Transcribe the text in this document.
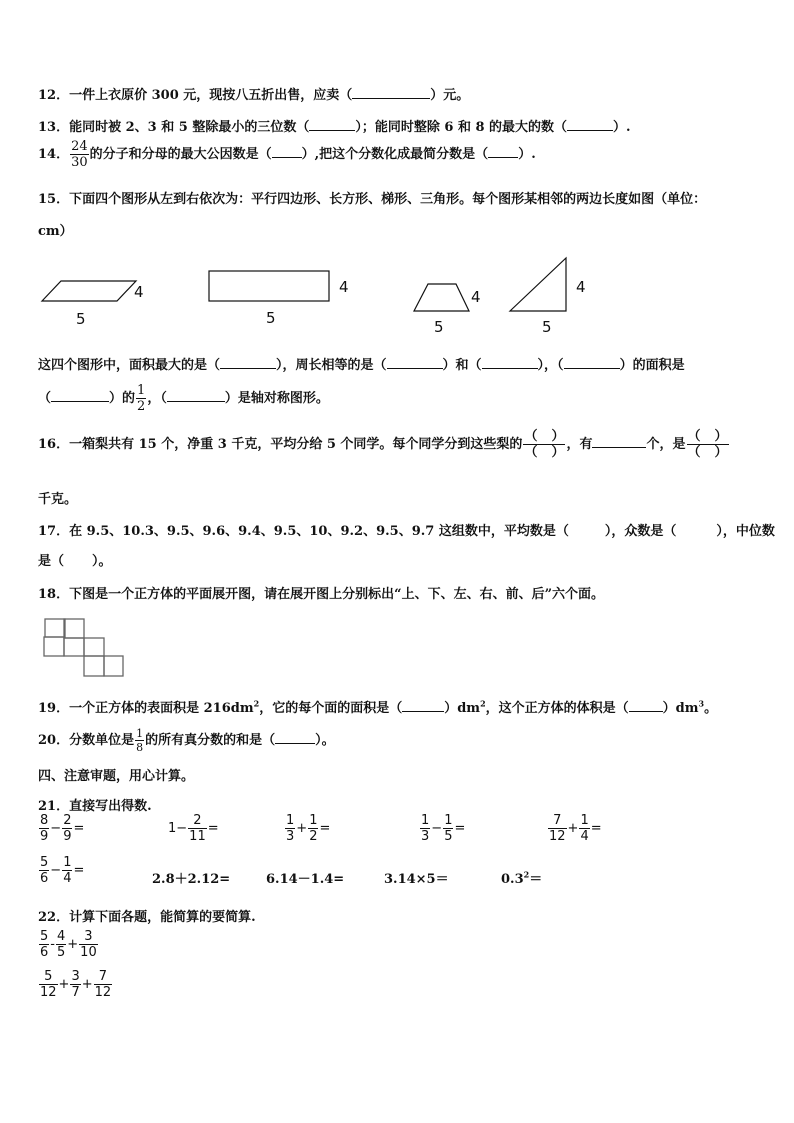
12．一件上衣原价 300 元，现按八五折出售，应卖（	）元。
13．能同时被 2、3 和 5 整除最小的三位数（	）；能同时整除 6 和 8 的最大的数（	）.
14． $\frac{24}{30}$ 的分子和分母的最大公因数是（ ）,把这个分数化成最简分数是（ ）.
15．下面四个图形从左到右依次为：平行四边形、长方形、梯形、三角形。每个图形某相邻的两边长度如图（单位：
cm）
4
5
4
5
4
5
4
5
这四个图形中，面积最大的是（	），周长相等的是（	）和（	），（	）的面积是
（	）的 $\frac{1}{2}$ ，（	）是轴对称图形。
16．一箱梨共有 15 个，净重 3 千克，平均分给 5 个同学。每个同学分到这些梨的 $\frac{( )}{( )}$ ，有	个，是 $\frac{( )}{( )}$
千克。
17．在 9.5、10.3、9.5、9.6、9.4、9.5、10、9.2、9.5、9.7 这组数中，平均数是（	），众数是（	），中位数
是（ ）。
18．下图是一个正方体的平面展开图，请在展开图上分别标出“上、下、左、右、前、后”六个面。
19．一个正方体的表面积是 $216dm^2$，它的每个面的面积是（	）$dm^2$，这个正方体的体积是（	）$dm^3$。
20．分数单位是 $\frac{1}{8}$ 的所有真分数的和是（	）。
四、注意审题，用心计算。
21．直接写出得数.
$\frac{8}{9} - \frac{2}{9}$ =	$1- \frac{2}{11}$ =	$\frac{1}{3} + \frac{1}{2}$ =	$\frac{1}{3} - \frac{1}{5}$ =	$\frac{7}{12} + \frac{1}{4}$ =
$\frac{5}{6} - \frac{1}{4}$ =
2.8＋2.12=	6.14－1.4=	3.14×5＝	$0.3^2=$
22．计算下面各题，能简算的要简算.
$\frac{5}{6} - \frac{4}{5} + \frac{3}{10}$
$\frac{5}{12} + \frac{3}{7} + \frac{7}{12}$
